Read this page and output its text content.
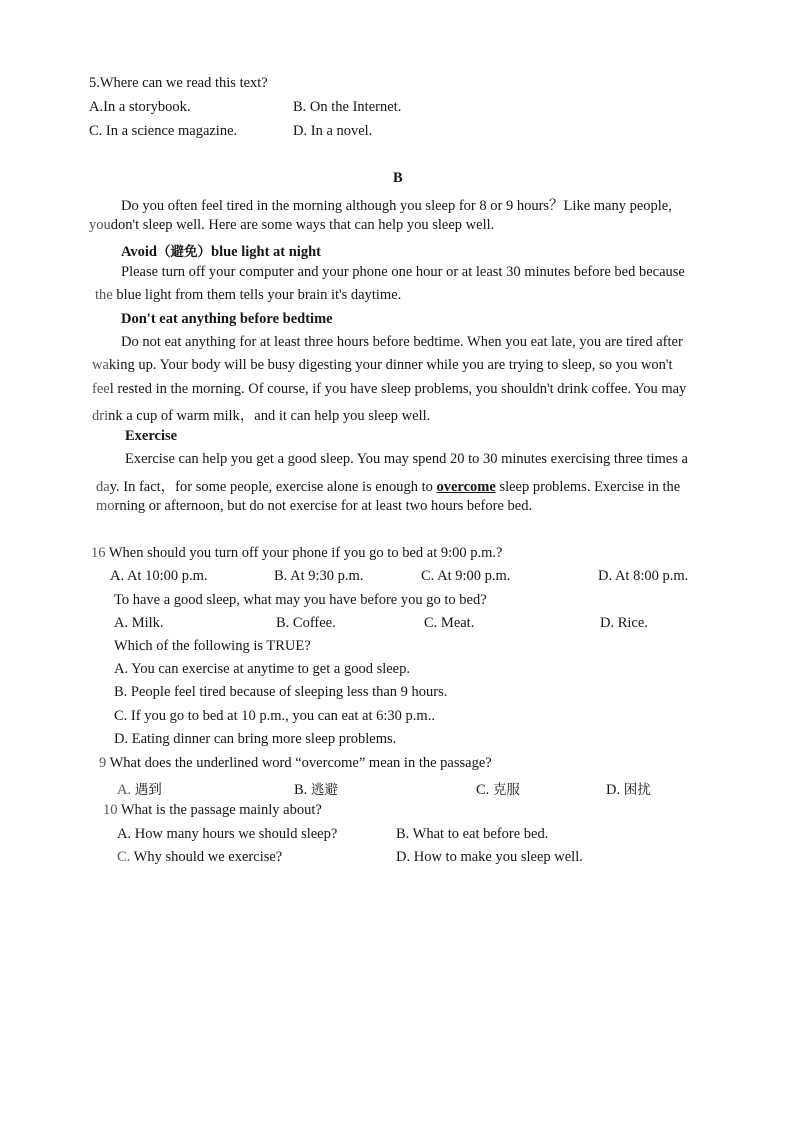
5.Where can we read this text?
A.In a storybook.	B. On the Internet.
C. In a science magazine.	D. In a novel.
B
Do you often feel tired in the morning although you sleep for 8 or 9 hours？Like many people,
youdon't sleep well. Here are some ways that can help you sleep well.
Avoid（避免）blue light at night
Please turn off your computer and your phone one hour or at least 30 minutes before bed because
the blue light from them tells your brain it's daytime.
Don't eat anything before bedtime
Do not eat anything for at least three hours before bedtime. When you eat late, you are tired after
waking up. Your body will be busy digesting your dinner while you are trying to sleep, so you won't
feel rested in the morning. Of course, if you have sleep problems, you shouldn't drink coffee. You may
drink a cup of warm milk，and it can help you sleep well.
Exercise
Exercise can help you get a good sleep. You may spend 20 to 30 minutes exercising three times a
day. In fact，for some people, exercise alone is enough to overcome sleep problems. Exercise in the
morning or afternoon, but do not exercise for at least two hours before bed.
16 When should you turn off your phone if you go to bed at 9:00 p.m.?
A. At 10:00 p.m.	B. At 9:30 p.m.	C. At 9:00 p.m.	D. At 8:00 p.m.
To have a good sleep, what may you have before you go to bed?
A. Milk.	B. Coffee.	C. Meat.	D. Rice.
Which of the following is TRUE?
A. You can exercise at anytime to get a good sleep.
B. People feel tired because of sleeping less than 9 hours.
C. If you go to bed at 10 p.m., you can eat at 6:30 p.m..
D. Eating dinner can bring more sleep problems.
9 What does the underlined word “overcome” mean in the passage?
A. 遇到	B. 逃避	C. 克服	D. 困扰
10 What is the passage mainly about?
A. How many hours we should sleep?	B. What to eat before bed.
C. Why should we exercise?	D. How to make you sleep well.
